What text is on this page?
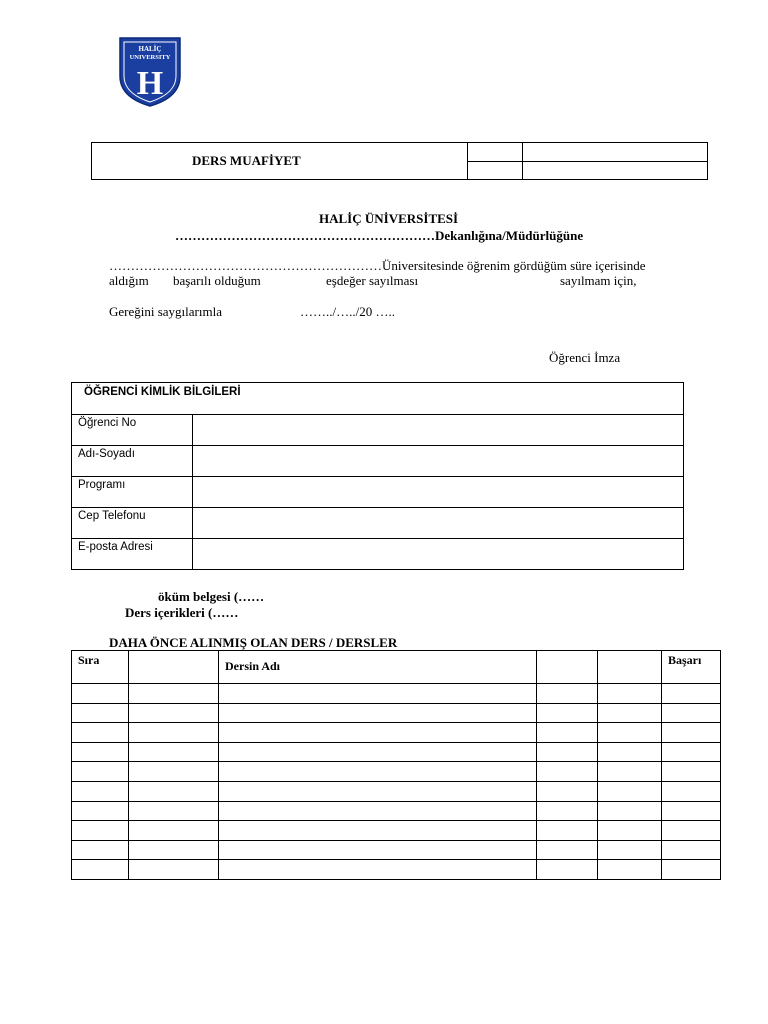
HALİÇ
UNIVERSITY
H
DERS MUAFİYET
HALİÇ ÜNİVERSİTESİ
……………………………………………………Dekanlığına/Müdürlüğüne
………………………………………………………Üniversitesinde öğrenim gördüğüm süre içerisinde
aldığım başarılı olduğum	eşdeğer sayılması	sayılmam için,
Gereğini saygılarımla	……../…../20 …..
Öğrenci İmza
ÖĞRENCİ KİMLİK BİLGİLERİ	
Öğrenci No	
Adı-Soyadı	
Programı	
Cep Telefonu	
E-posta Adresi	
öküm belgesi (……
Ders içerikleri (……
DAHA ÖNCE ALINMIŞ OLAN DERS / DERSLER
Sıra		Dersin Adı			Başarı
